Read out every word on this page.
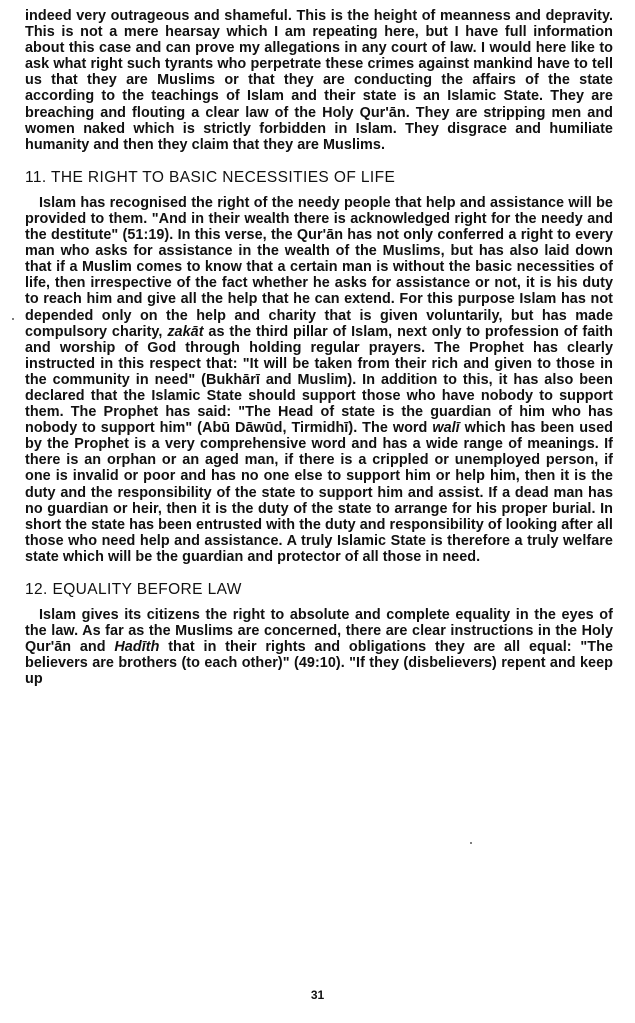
indeed very outrageous and shameful. This is the height of meanness and depravity. This is not a mere hearsay which I am repeating here, but I have full information about this case and can prove my allegations in any court of law. I would here like to ask what right such tyrants who perpetrate these crimes against mankind have to tell us that they are Muslims or that they are conducting the affairs of the state according to the teachings of Islam and their state is an Islamic State. They are breaching and flouting a clear law of the Holy Qur'ān. They are stripping men and women naked which is strictly forbidden in Islam. They disgrace and humiliate humanity and then they claim that they are Muslims.

11. THE RIGHT TO BASIC NECESSITIES OF LIFE

Islam has recognised the right of the needy people that help and assistance will be provided to them. "And in their wealth there is acknowledged right for the needy and the destitute" (51:19). In this verse, the Qur'ān has not only conferred a right to every man who asks for assistance in the wealth of the Muslims, but has also laid down that if a Muslim comes to know that a certain man is without the basic necessities of life, then irrespective of the fact whether he asks for assistance or not, it is his duty to reach him and give all the help that he can extend. For this purpose Islam has not depended only on the help and charity that is given voluntarily, but has made compulsory charity, zakāt as the third pillar of Islam, next only to profession of faith and worship of God through holding regular prayers. The Prophet has clearly instructed in this respect that: "It will be taken from their rich and given to those in the community in need" (Bukhārī and Muslim). In addition to this, it has also been declared that the Islamic State should support those who have nobody to support them. The Prophet has said: "The Head of state is the guardian of him who has nobody to support him" (Abū Dāwūd, Tirmidhī). The word walī which has been used by the Prophet is a very comprehensive word and has a wide range of meanings. If there is an orphan or an aged man, if there is a crippled or unemployed person, if one is invalid or poor and has no one else to support him or help him, then it is the duty and the responsibility of the state to support him and assist. If a dead man has no guardian or heir, then it is the duty of the state to arrange for his proper burial. In short the state has been entrusted with the duty and responsibility of looking after all those who need help and assistance. A truly Islamic State is therefore a truly welfare state which will be the guardian and protector of all those in need.

12. EQUALITY BEFORE LAW

Islam gives its citizens the right to absolute and complete equality in the eyes of the law. As far as the Muslims are concerned, there are clear instructions in the Holy Qur'ān and Hadīth that in their rights and obligations they are all equal: "The believers are brothers (to each other)" (49:10). "If they (disbelievers) repent and keep up

31
